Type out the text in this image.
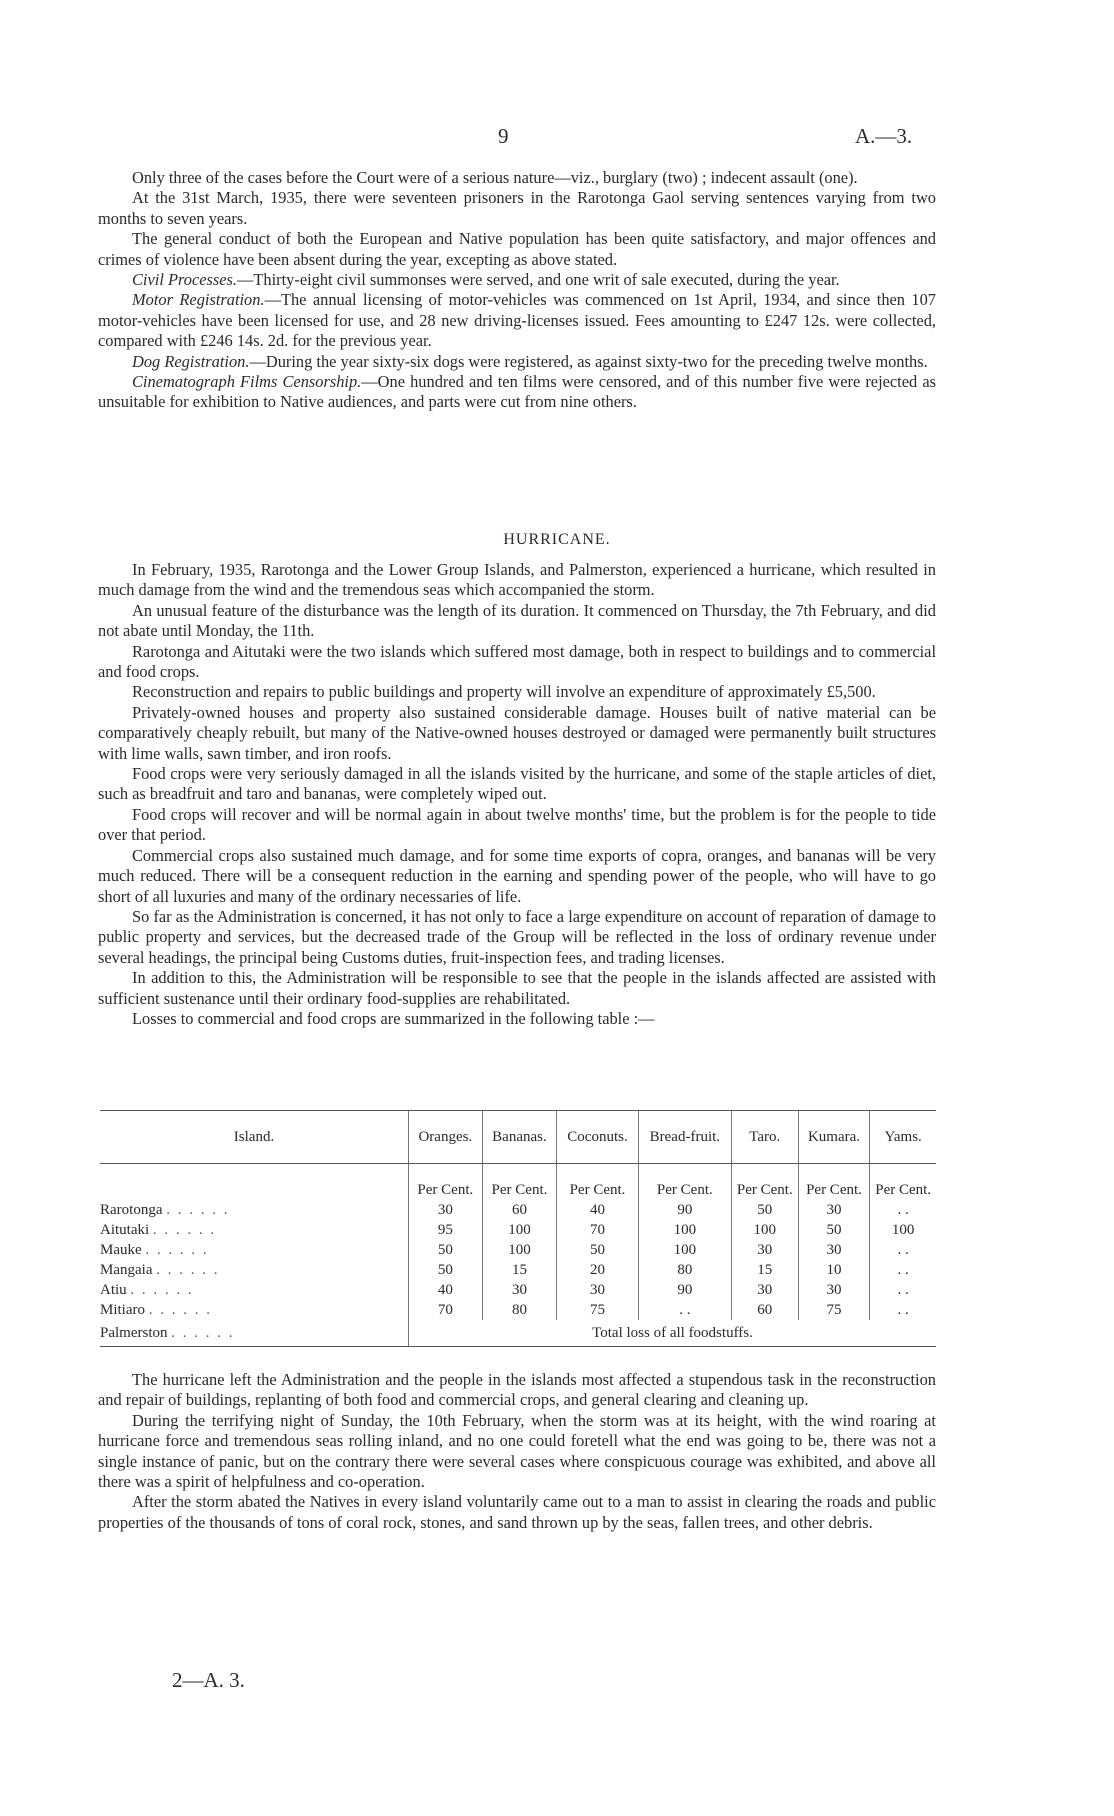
9	A.—3.

Only three of the cases before the Court were of a serious nature—viz., burglary (two) ; indecent assault (one).

At the 31st March, 1935, there were seventeen prisoners in the Rarotonga Gaol serving sentences varying from two months to seven years.

The general conduct of both the European and Native population has been quite satisfactory, and major offences and crimes of violence have been absent during the year, excepting as above stated.

Civil Processes.—Thirty-eight civil summonses were served, and one writ of sale executed, during the year.

Motor Registration.—The annual licensing of motor-vehicles was commenced on 1st April, 1934, and since then 107 motor-vehicles have been licensed for use, and 28 new driving-licenses issued. Fees amounting to £247 12s. were collected, compared with £246 14s. 2d. for the previous year.

Dog Registration.—During the year sixty-six dogs were registered, as against sixty-two for the preceding twelve months.

Cinematograph Films Censorship.—One hundred and ten films were censored, and of this number five were rejected as unsuitable for exhibition to Native audiences, and parts were cut from nine others.

HURRICANE.

In February, 1935, Rarotonga and the Lower Group Islands, and Palmerston, experienced a hurricane, which resulted in much damage from the wind and the tremendous seas which accompanied the storm.

An unusual feature of the disturbance was the length of its duration. It commenced on Thursday, the 7th February, and did not abate until Monday, the 11th.

Rarotonga and Aitutaki were the two islands which suffered most damage, both in respect to buildings and to commercial and food crops.

Reconstruction and repairs to public buildings and property will involve an expenditure of approximately £5,500.

Privately-owned houses and property also sustained considerable damage. Houses built of native material can be comparatively cheaply rebuilt, but many of the Native-owned houses destroyed or damaged were permanently built structures with lime walls, sawn timber, and iron roofs.

Food crops were very seriously damaged in all the islands visited by the hurricane, and some of the staple articles of diet, such as breadfruit and taro and bananas, were completely wiped out.

Food crops will recover and will be normal again in about twelve months' time, but the problem is for the people to tide over that period.

Commercial crops also sustained much damage, and for some time exports of copra, oranges, and bananas will be very much reduced. There will be a consequent reduction in the earning and spending power of the people, who will have to go short of all luxuries and many of the ordinary necessaries of life.

So far as the Administration is concerned, it has not only to face a large expenditure on account of reparation of damage to public property and services, but the decreased trade of the Group will be reflected in the loss of ordinary revenue under several headings, the principal being Customs duties, fruit-inspection fees, and trading licenses.

In addition to this, the Administration will be responsible to see that the people in the islands affected are assisted with sufficient sustenance until their ordinary food-supplies are rehabilitated.

Losses to commercial and food crops are summarized in the following table :—

Island.	Oranges.	Bananas.	Coconuts.	Bread-fruit.	Taro.	Kumara.	Yams.
	Per Cent.	Per Cent.	Per Cent.	Per Cent.	Per Cent.	Per Cent.	Per Cent.
Rarotonga . . . . . .	30	60	40	90	50	30	. .
Aitutaki . . . . . .	95	100	70	100	100	50	100
Mauke . . . . . .	50	100	50	100	30	30	. .
Mangaia . . . . . .	50	15	20	80	15	10	. .
Atiu . . . . . .	40	30	30	90	30	30	. .
Mitiaro . . . . . .	70	80	75	. .	60	75	. .
Palmerston . . . . . .	Total loss of all foodstuffs.						

The hurricane left the Administration and the people in the islands most affected a stupendous task in the reconstruction and repair of buildings, replanting of both food and commercial crops, and general clearing and cleaning up.

During the terrifying night of Sunday, the 10th February, when the storm was at its height, with the wind roaring at hurricane force and tremendous seas rolling inland, and no one could foretell what the end was going to be, there was not a single instance of panic, but on the contrary there were several cases where conspicuous courage was exhibited, and above all there was a spirit of helpfulness and co-operation.

After the storm abated the Natives in every island voluntarily came out to a man to assist in clearing the roads and public properties of the thousands of tons of coral rock, stones, and sand thrown up by the seas, fallen trees, and other debris.

2—A. 3.
